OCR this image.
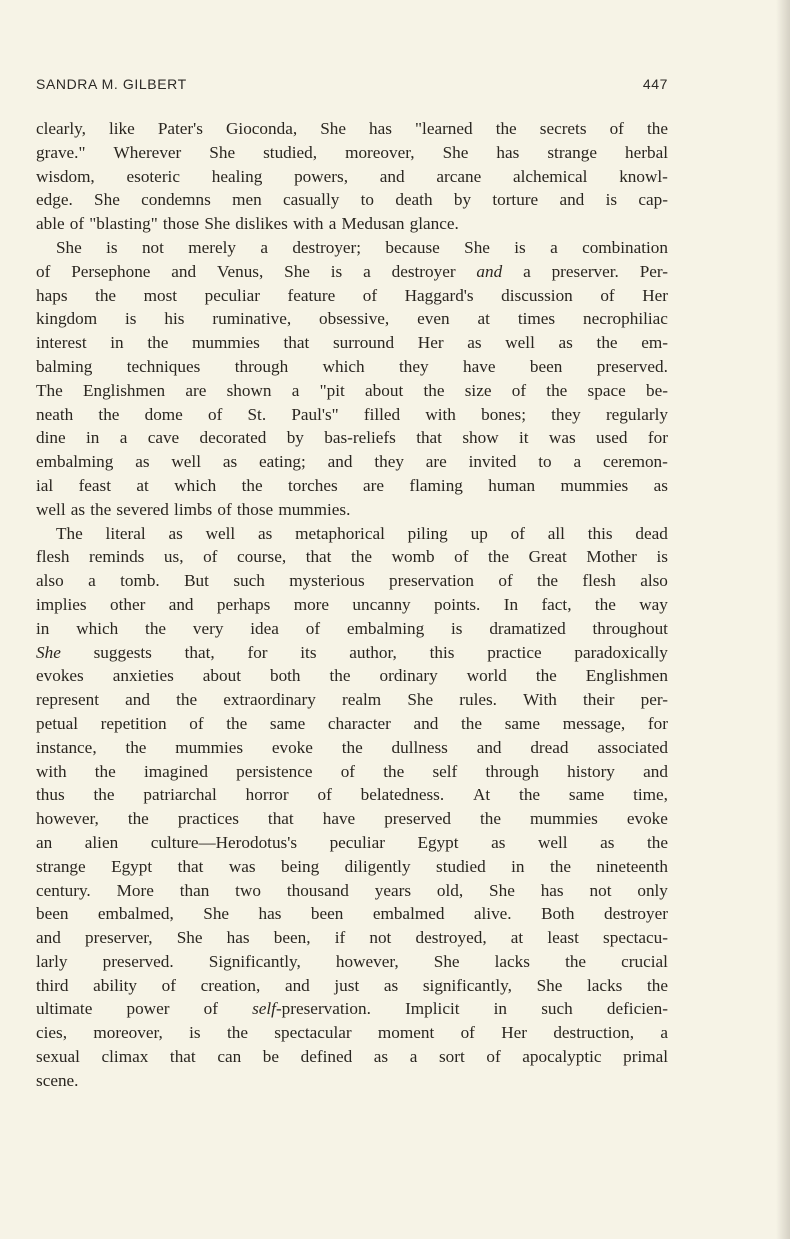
SANDRA M. GILBERT	447
clearly, like Pater's Gioconda, She has "learned the secrets of the
grave." Wherever She studied, moreover, She has strange herbal
wisdom, esoteric healing powers, and arcane alchemical knowl-
edge. She condemns men casually to death by torture and is cap-
able of "blasting" those She dislikes with a Medusan glance.
She is not merely a destroyer; because She is a combination
of Persephone and Venus, She is a destroyer and a preserver. Per-
haps the most peculiar feature of Haggard's discussion of Her
kingdom is his ruminative, obsessive, even at times necrophiliac
interest in the mummies that surround Her as well as the em-
balming techniques through which they have been preserved.
The Englishmen are shown a "pit about the size of the space be-
neath the dome of St. Paul's" filled with bones; they regularly
dine in a cave decorated by bas-reliefs that show it was used for
embalming as well as eating; and they are invited to a ceremon-
ial feast at which the torches are flaming human mummies as
well as the severed limbs of those mummies.
The literal as well as metaphorical piling up of all this dead
flesh reminds us, of course, that the womb of the Great Mother is
also a tomb. But such mysterious preservation of the flesh also
implies other and perhaps more uncanny points. In fact, the way
in which the very idea of embalming is dramatized throughout
She suggests that, for its author, this practice paradoxically
evokes anxieties about both the ordinary world the Englishmen
represent and the extraordinary realm She rules. With their per-
petual repetition of the same character and the same message, for
instance, the mummies evoke the dullness and dread associated
with the imagined persistence of the self through history and
thus the patriarchal horror of belatedness. At the same time,
however, the practices that have preserved the mummies evoke
an alien culture—Herodotus's peculiar Egypt as well as the
strange Egypt that was being diligently studied in the nineteenth
century. More than two thousand years old, She has not only
been embalmed, She has been embalmed alive. Both destroyer
and preserver, She has been, if not destroyed, at least spectacu-
larly preserved. Significantly, however, She lacks the crucial
third ability of creation, and just as significantly, She lacks the
ultimate power of self-preservation. Implicit in such deficien-
cies, moreover, is the spectacular moment of Her destruction, a
sexual climax that can be defined as a sort of apocalyptic primal
scene.
